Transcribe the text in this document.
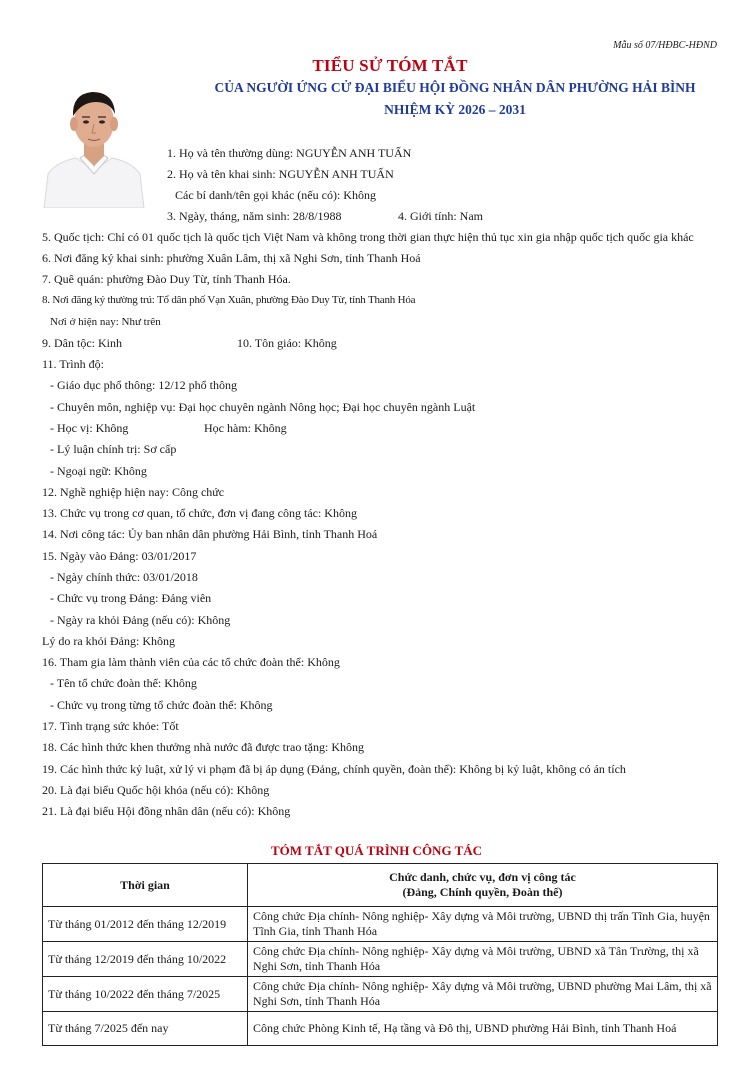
Mẫu số 07/HĐBC-HĐND
TIỂU SỬ TÓM TẮT
CỦA NGƯỜI ỨNG CỬ ĐẠI BIỂU HỘI ĐỒNG NHÂN DÂN PHƯỜNG HẢI BÌNH
NHIỆM KỲ 2026 – 2031
1. Họ và tên thường dùng: NGUYỄN ANH TUẤN
2. Họ và tên khai sinh: NGUYỄN ANH TUẤN
Các bí danh/tên gọi khác (nếu có): Không
3. Ngày, tháng, năm sinh: 28/8/1988	4. Giới tính: Nam
5. Quốc tịch: Chỉ có 01 quốc tịch là quốc tịch Việt Nam và không trong thời gian thực hiện thủ tục xin gia nhập quốc tịch quốc gia khác
6. Nơi đăng ký khai sinh: phường Xuân Lâm, thị xã Nghi Sơn, tỉnh Thanh Hoá
7. Quê quán: phường Đào Duy Từ, tỉnh Thanh Hóa.
8. Nơi đăng ký thường trú: Tổ dân phố Vạn Xuân, phường Đào Duy Từ, tỉnh Thanh Hóa
Nơi ở hiện nay: Như trên
9. Dân tộc: Kinh	10. Tôn giáo: Không
11. Trình độ:
- Giáo dục phổ thông: 12/12 phổ thông
- Chuyên môn, nghiệp vụ: Đại học chuyên ngành Nông học; Đại học chuyên ngành Luật
- Học vị: Không	Học hàm: Không
- Lý luận chính trị: Sơ cấp
- Ngoại ngữ: Không
12. Nghề nghiệp hiện nay: Công chức
13. Chức vụ trong cơ quan, tổ chức, đơn vị đang công tác: Không
14. Nơi công tác: Ủy ban nhân dân phường Hải Bình, tỉnh Thanh Hoá
15. Ngày vào Đảng: 03/01/2017
- Ngày chính thức: 03/01/2018
- Chức vụ trong Đảng: Đảng viên
- Ngày ra khỏi Đảng (nếu có): Không
Lý do ra khỏi Đảng: Không
16. Tham gia làm thành viên của các tổ chức đoàn thể: Không
- Tên tổ chức đoàn thể: Không
- Chức vụ trong từng tổ chức đoàn thể: Không
17. Tình trạng sức khỏe: Tốt
18. Các hình thức khen thưởng nhà nước đã được trao tặng: Không
19. Các hình thức kỷ luật, xử lý vi phạm đã bị áp dụng (Đảng, chính quyền, đoàn thể): Không bị kỷ luật, không có án tích
20. Là đại biểu Quốc hội khóa (nếu có): Không
21. Là đại biểu Hội đồng nhân dân (nếu có): Không
TÓM TẮT QUÁ TRÌNH CÔNG TÁC
Thời gian	Chức danh, chức vụ, đơn vị công tác
(Đảng, Chính quyền, Đoàn thể)

Từ tháng 01/2012 đến tháng 12/2019	Công chức Địa chính- Nông nghiệp- Xây dựng và Môi trường, UBND thị trấn Tĩnh Gia, huyện Tĩnh Gia, tỉnh Thanh Hóa
Từ tháng 12/2019 đến tháng 10/2022	Công chức Địa chính- Nông nghiệp- Xây dựng và Môi trường, UBND xã Tân Trường, thị xã Nghi Sơn, tỉnh Thanh Hóa
Từ tháng 10/2022 đến tháng 7/2025	Công chức Địa chính- Nông nghiệp- Xây dựng và Môi trường, UBND phường Mai Lâm, thị xã Nghi Sơn, tỉnh Thanh Hóa
Từ tháng 7/2025 đến nay	Công chức Phòng Kinh tế, Hạ tầng và Đô thị, UBND phường Hải Bình, tỉnh Thanh Hoá
